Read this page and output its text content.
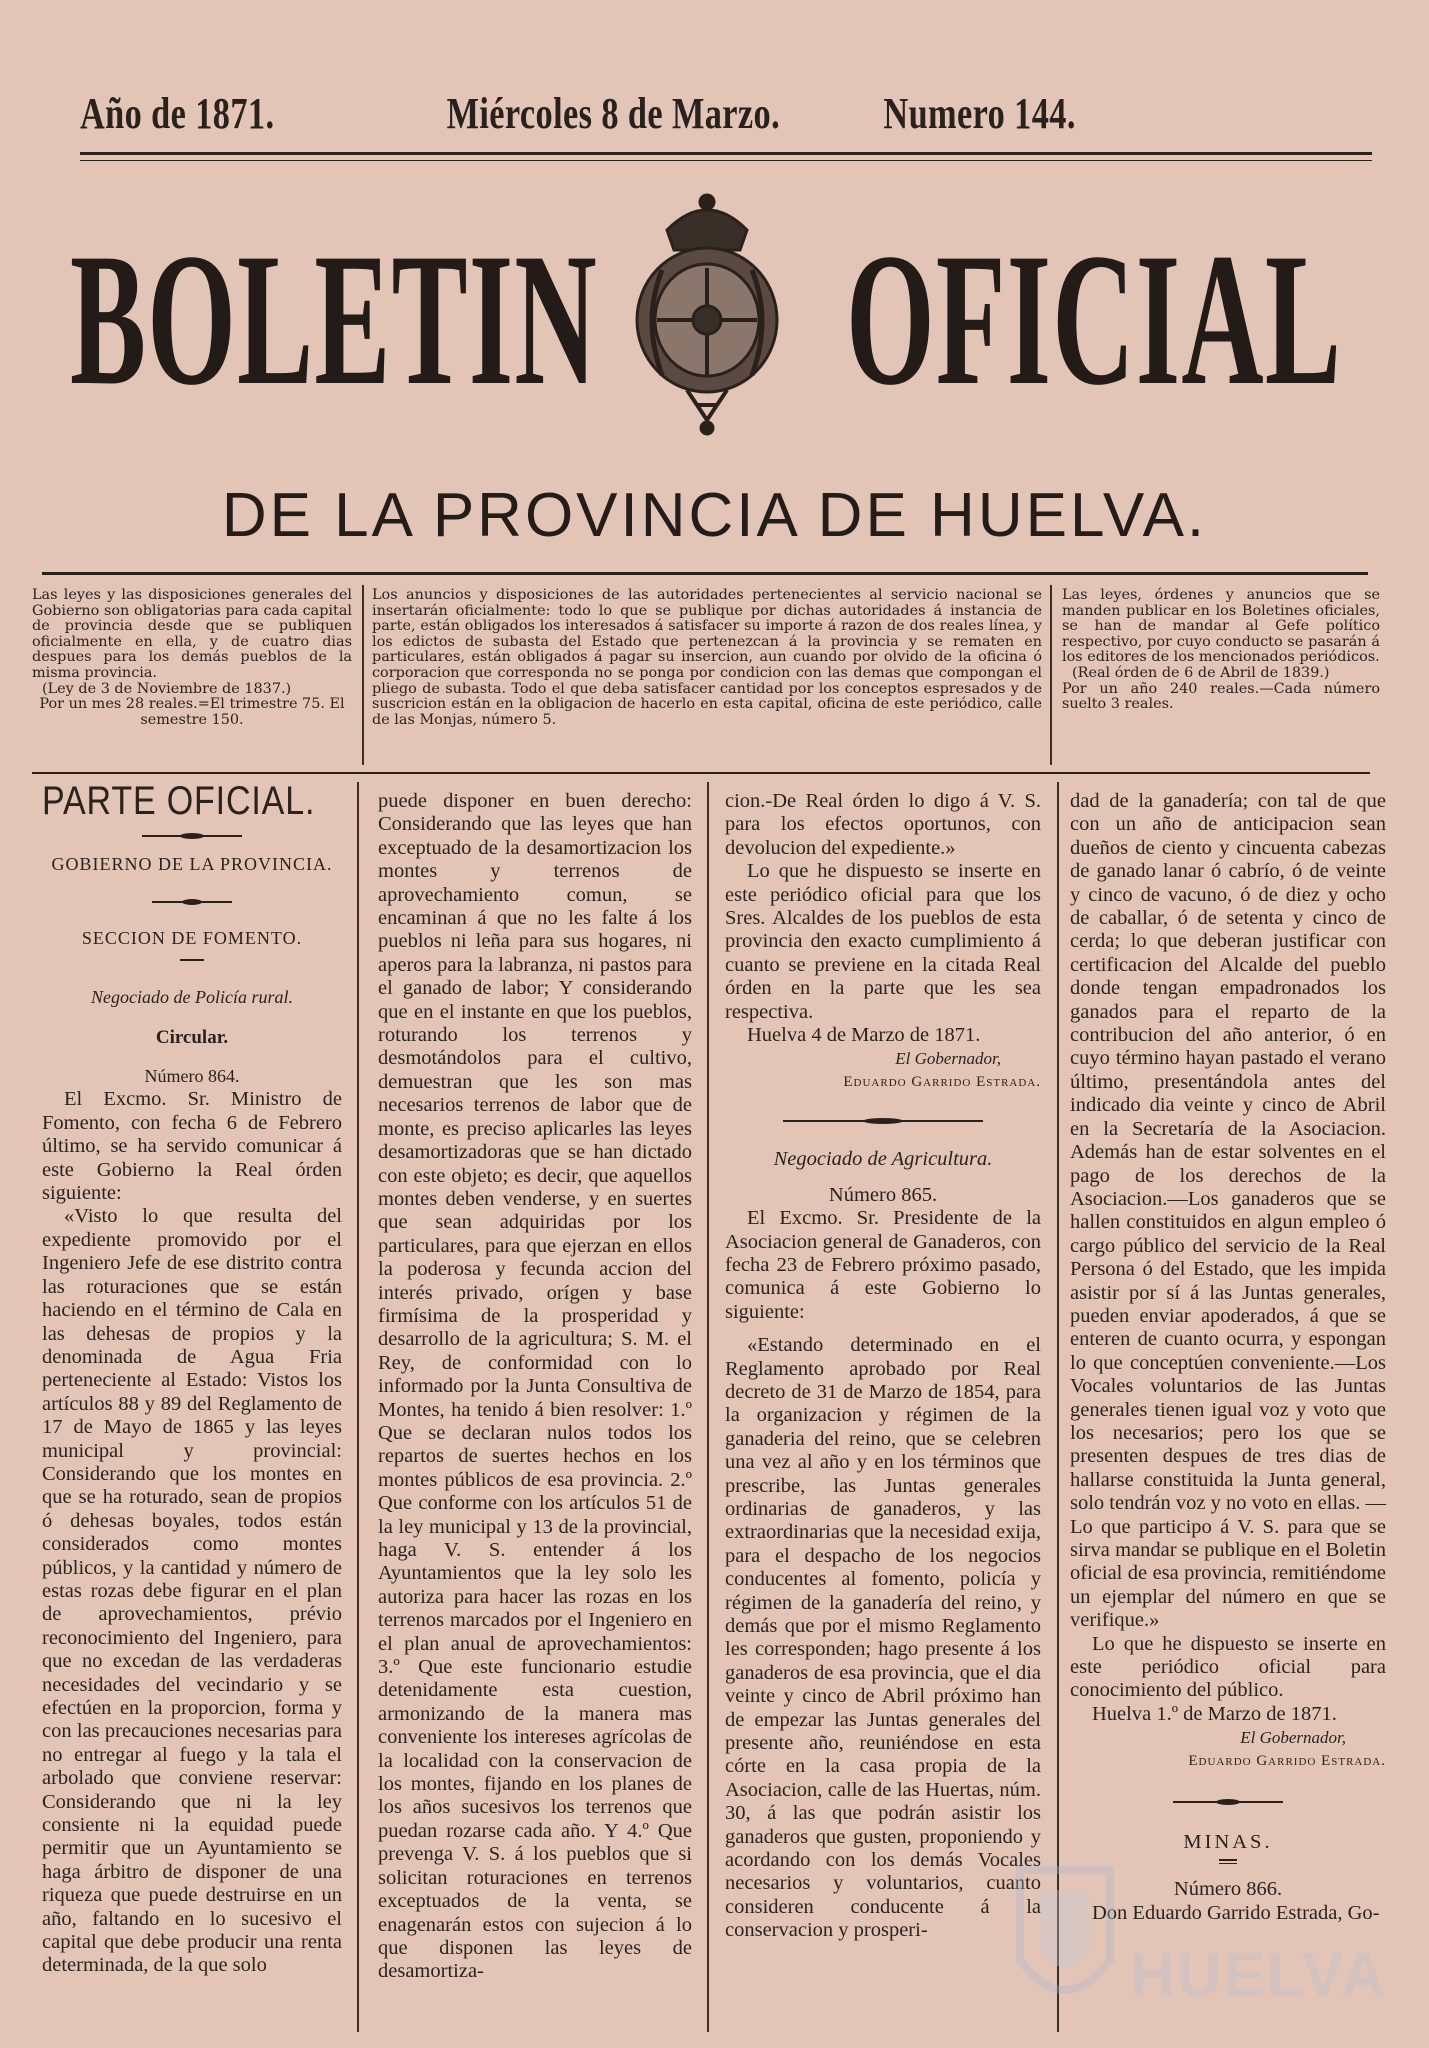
Año de 1871.	Miércoles 8 de Marzo. Numero 144.
BOLETIN OFICIAL
DE LA PROVINCIA DE HUELVA.

Las leyes y las disposiciones generales del Gobierno son obligatorias para cada capital de provincia desde que se publiquen oficialmente en ella, y de cuatro dias despues para los demás pueblos de la misma provincia.

(Ley de 3 de Noviembre de 1837.)

Por un mes 28 reales.=El trimestre 75. El semestre 150.

Los anuncios y disposiciones de las autoridades pertenecientes al servicio nacional se insertarán oficialmente: todo lo que se publique por dichas autoridades á instancia de parte, están obligados los interesados á satisfacer su importe á razon de dos reales línea, y los edictos de subasta del Estado que pertenezcan á la provincia y se rematen en particulares, están obligados á pagar su insercion, aun cuando por olvido de la oficina ó corporacion que corresponda no se ponga por condicion con las demas que compongan el pliego de subasta. Todo el que deba satisfacer cantidad por los conceptos espresados y de suscricion están en la obligacion de hacerlo en esta capital, oficina de este periódico, calle de las Monjas, número 5.

Las leyes, órdenes y anuncios que se manden publicar en los Boletines oficiales, se han de mandar al Gefe político respectivo, por cuyo conducto se pasarán á los editores de los mencionados periódicos.

(Real órden de 6 de Abril de 1839.)

Por un año 240 reales.—Cada número suelto 3 reales.

PARTE OFICIAL.

GOBIERNO DE LA PROVINCIA.

SECCION DE FOMENTO.

Negociado de Policía rural.

Circular.

Número 864.

El Excmo. Sr. Ministro de Fomento, con fecha 6 de Febrero último, se ha servido comunicar á este Gobierno la Real órden siguiente:

«Visto lo que resulta del expediente promovido por el Ingeniero Jefe de ese distrito contra las roturaciones que se están haciendo en el término de Cala en las dehesas de propios y la denominada de Agua Fria perteneciente al Estado: Vistos los artículos 88 y 89 del Reglamento de 17 de Mayo de 1865 y las leyes municipal y provincial: Considerando que los montes en que se ha roturado, sean de propios ó dehesas boyales, todos están considerados como montes públicos, y la cantidad y número de estas rozas debe figurar en el plan de aprovechamientos, prévio reconocimiento del Ingeniero, para que no excedan de las verdaderas necesidades del vecindario y se efectúen en la proporcion, forma y con las precauciones necesarias para no entregar al fuego y la tala el arbolado que conviene reservar: Considerando que ni la ley consiente ni la equidad puede permitir que un Ayuntamiento se haga árbitro de disponer de una riqueza que puede destruirse en un año, faltando en lo sucesivo el capital que debe producir una renta determinada, de la que solo

puede disponer en buen derecho: Considerando que las leyes que han exceptuado de la desamortizacion los montes y terrenos de aprovechamiento comun, se encaminan á que no les falte á los pueblos ni leña para sus hogares, ni aperos para la labranza, ni pastos para el ganado de labor; Y considerando que en el instante en que los pueblos, roturando los terrenos y desmotándolos para el cultivo, demuestran que les son mas necesarios terrenos de labor que de monte, es preciso aplicarles las leyes desamortizadoras que se han dictado con este objeto; es decir, que aquellos montes deben venderse, y en suertes que sean adquiridas por los particulares, para que ejerzan en ellos la poderosa y fecunda accion del interés privado, orígen y base firmísima de la prosperidad y desarrollo de la agricultura; S. M. el Rey, de conformidad con lo informado por la Junta Consultiva de Montes, ha tenido á bien resolver: 1.º Que se declaran nulos todos los repartos de suertes hechos en los montes públicos de esa provincia. 2.º Que conforme con los artículos 51 de la ley municipal y 13 de la provincial, haga V. S. entender á los Ayuntamientos que la ley solo les autoriza para hacer las rozas en los terrenos marcados por el Ingeniero en el plan anual de aprovechamientos: 3.º Que este funcionario estudie detenidamente esta cuestion, armonizando de la manera mas conveniente los intereses agrícolas de la localidad con la conservacion de los montes, fijando en los planes de los años sucesivos los terrenos que puedan rozarse cada año. Y 4.º Que prevenga V. S. á los pueblos que si solicitan roturaciones en terrenos exceptuados de la venta, se enagenarán estos con sujecion á lo que disponen las leyes de desamortiza-

cion.-De Real órden lo digo á V. S. para los efectos oportunos, con devolucion del expediente.»

Lo que he dispuesto se inserte en este periódico oficial para que los Sres. Alcaldes de los pueblos de esta provincia den exacto cumplimiento á cuanto se previene en la citada Real órden en la parte que les sea respectiva.

Huelva 4 de Marzo de 1871.

El Gobernador,

Eduardo Garrido Estrada.

Negociado de Agricultura.

Número 865.

El Excmo. Sr. Presidente de la Asociacion general de Ganaderos, con fecha 23 de Febrero próximo pasado, comunica á este Gobierno lo siguiente:

«Estando determinado en el Reglamento aprobado por Real decreto de 31 de Marzo de 1854, para la organizacion y régimen de la ganaderia del reino, que se celebren una vez al año y en los términos que prescribe, las Juntas generales ordinarias de ganaderos, y las extraordinarias que la necesidad exija, para el despacho de los negocios conducentes al fomento, policía y régimen de la ganadería del reino, y demás que por el mismo Reglamento les corresponden; hago presente á los ganaderos de esa provincia, que el dia veinte y cinco de Abril próximo han de empezar las Juntas generales del presente año, reuniéndose en esta córte en la casa propia de la Asociacion, calle de las Huertas, núm. 30, á las que podrán asistir los ganaderos que gusten, proponiendo y acordando con los demás Vocales necesarios y voluntarios, cuanto consideren conducente á la conservacion y prosperi-

dad de la ganadería; con tal de que con un año de anticipacion sean dueños de ciento y cincuenta cabezas de ganado lanar ó cabrío, ó de veinte y cinco de vacuno, ó de diez y ocho de caballar, ó de setenta y cinco de cerda; lo que deberan justificar con certificacion del Alcalde del pueblo donde tengan empadronados los ganados para el reparto de la contribucion del año anterior, ó en cuyo término hayan pastado el verano último, presentándola antes del indicado dia veinte y cinco de Abril en la Secretaría de la Asociacion. Además han de estar solventes en el pago de los derechos de la Asociacion.—Los ganaderos que se hallen constituidos en algun empleo ó cargo público del servicio de la Real Persona ó del Estado, que les impida asistir por sí á las Juntas generales, pueden enviar apoderados, á que se enteren de cuanto ocurra, y espongan lo que conceptúen conveniente.—Los Vocales voluntarios de las Juntas generales tienen igual voz y voto que los necesarios; pero los que se presenten despues de tres dias de hallarse constituida la Junta general, solo tendrán voz y no voto en ellas. —Lo que participo á V. S. para que se sirva mandar se publique en el Boletin oficial de esa provincia, remitiéndome un ejemplar del número en que se verifique.»

Lo que he dispuesto se inserte en este periódico oficial para conocimiento del público.

Huelva 1.º de Marzo de 1871.

El Gobernador,

Eduardo Garrido Estrada.

MINAS.

Número 866.

Don Eduardo Garrido Estrada, Go-

HUELVA
